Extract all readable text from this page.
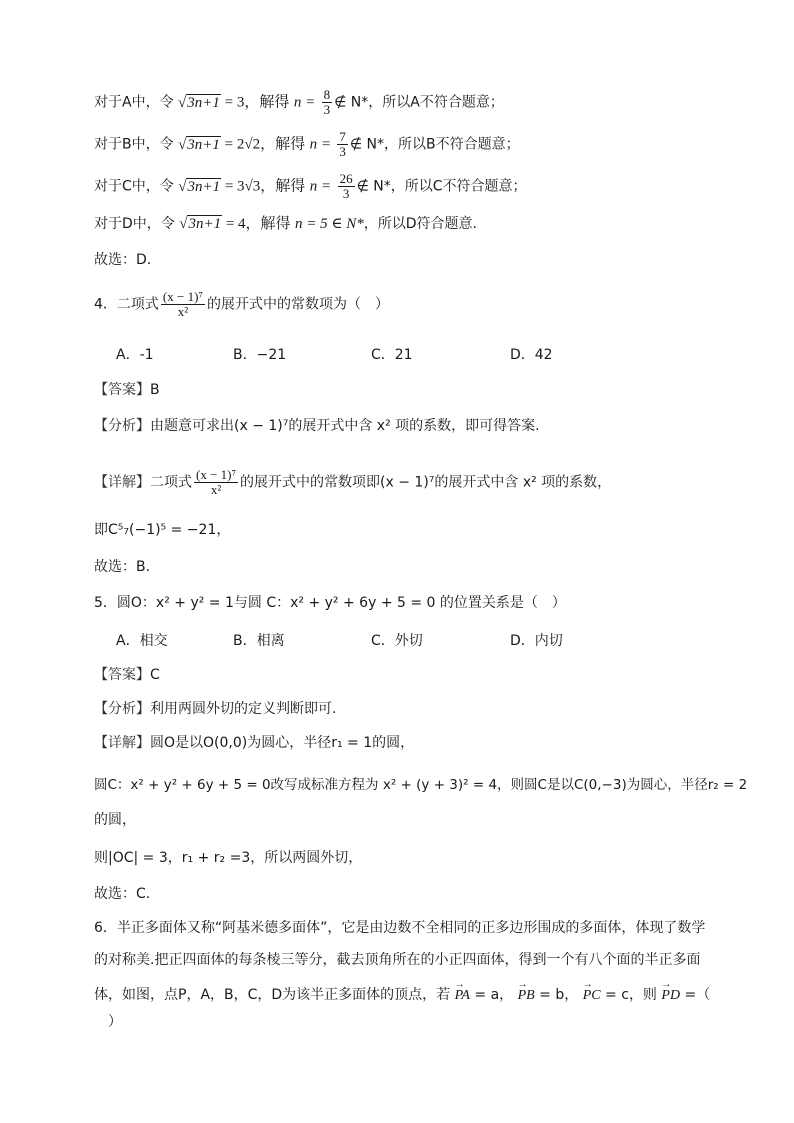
对于A中，令 √3n+1 = 3，解得 $n = \frac{8}{3}$ ∉ N*，所以A不符合题意；
对于B中，令 √3n+1 = 2√2，解得 $n = \frac{7}{3}$ ∉ N*，所以B不符合题意；
对于C中，令 √3n+1 = 3√3，解得 $n = \frac{26}{3}$ ∉ N*，所以C不符合题意；
对于D中，令 √3n+1 = 4，解得 n = 5 ∈ N*，所以D符合题意.
故选：D.
4．二项式 $\frac{\text{(x − 1)⁷}}{\text{x²}}$ 的展开式中的常数项为（　）
A．-1	B．−21	C．21	D．42
【答案】B
【分析】由题意可求出(x − 1)⁷的展开式中含 x² 项的系数，即可得答案.
【详解】二项式 $\frac{\text{(x − 1)⁷}}{\text{x²}}$ 的展开式中的常数项即(x − 1)⁷的展开式中含 x² 项的系数，
即C⁵₇(−1)⁵ = −21，
故选：B.
5．圆O：x² + y² = 1与圆 C：x² + y² + 6y + 5 = 0 的位置关系是（　）
A．相交	B．相离	C．外切	D．内切
【答案】C
【分析】利用两圆外切的定义判断即可.
【详解】圆O是以O(0,0)为圆心，半径r₁ = 1的圆，
圆C：x² + y² + 6y + 5 = 0改写成标准方程为 x² + (y + 3)² = 4，则圆C是以C(0,−3)为圆心，半径r₂ = 2
的圆，
则|OC| = 3，r₁ + r₂ =3，所以两圆外切，
故选：C.
6．半正多面体又称“阿基米德多面体”，它是由边数不全相同的正多边形围成的多面体，体现了数学
的对称美.把正四面体的每条棱三等分，截去顶角所在的小正四面体，得到一个有八个面的半正多面
体，如图，点P，A，B，C，D为该半正多面体的顶点，若 → PA = a， → PB = b， → PC = c，则 → PD =（
　）
